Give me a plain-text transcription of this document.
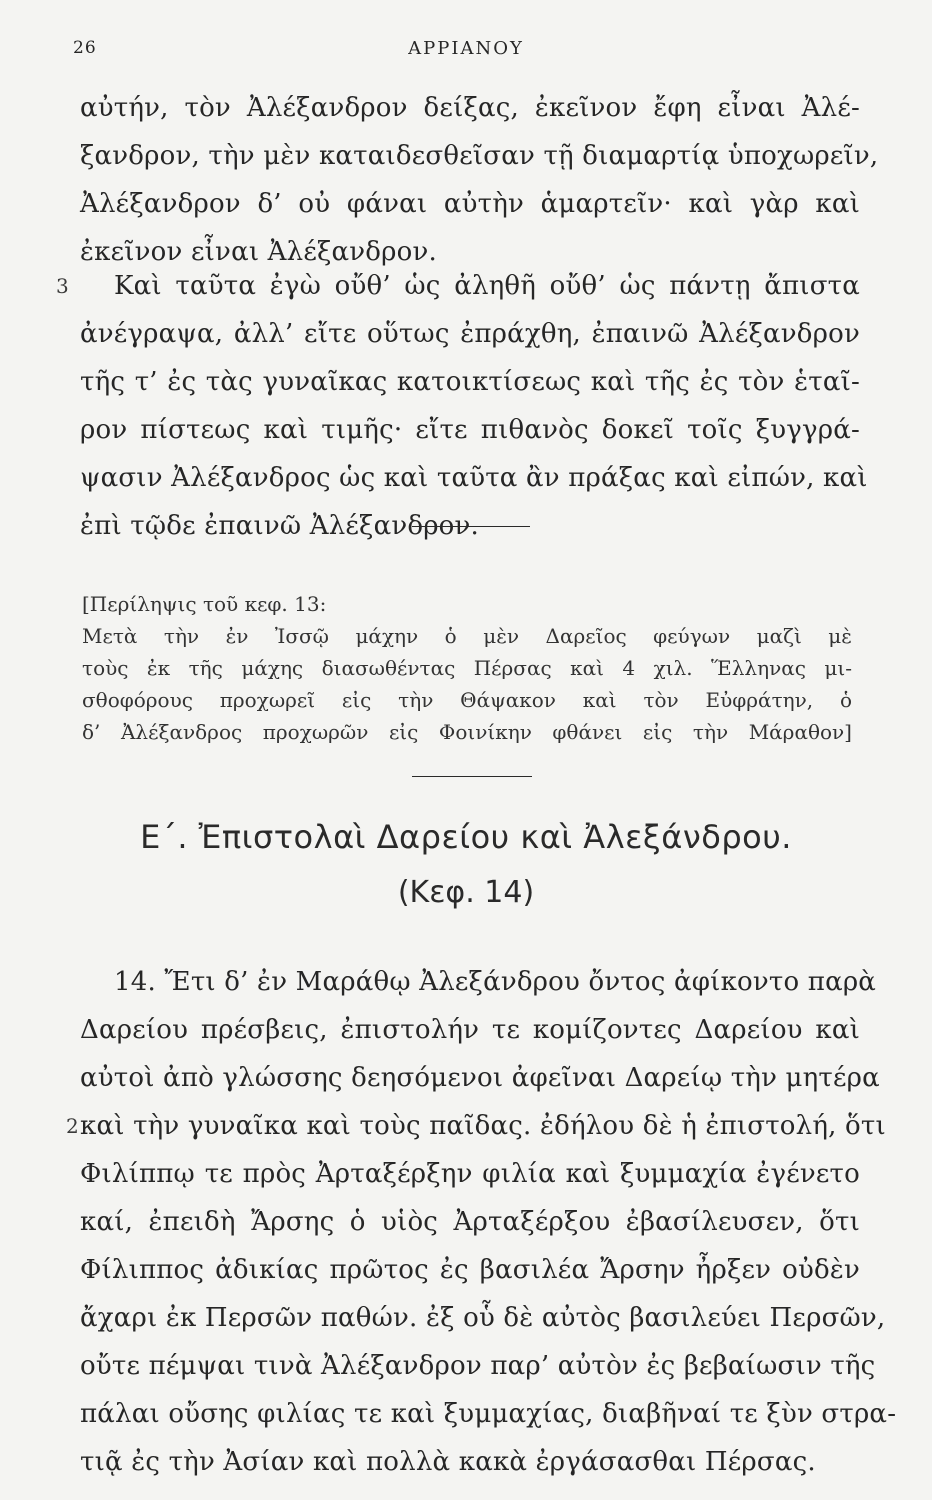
26	ΑΡΡΙΑΝΟΥ
αὐτήν, τὸν Ἀλέξανδρον δείξας, ἐκεῖνον ἔφη εἶναι Ἀλέ-
ξανδρον, τὴν μὲν καταιδεσθεῖσαν τῇ διαμαρτίᾳ ὑποχωρεῖν,
Ἀλέξανδρον δ’ οὐ φάναι αὐτὴν ἁμαρτεῖν· καὶ γὰρ καὶ
ἐκεῖνον εἶναι Ἀλέξανδρον.
3	Καὶ ταῦτα ἐγὼ οὔθ’ ὡς ἀληθῆ οὔθ’ ὡς πάντῃ ἄπιστα
ἀνέγραψα, ἀλλ’ εἴτε οὕτως ἐπράχθη, ἐπαινῶ Ἀλέξανδρον
τῆς τ’ ἐς τὰς γυναῖκας κατοικτίσεως καὶ τῆς ἐς τὸν ἑταῖ-
ρον πίστεως καὶ τιμῆς· εἴτε πιθανὸς δοκεῖ τοῖς ξυγγρά-
ψασιν Ἀλέξανδρος ὡς καὶ ταῦτα ἂν πράξας καὶ εἰπών, καὶ
ἐπὶ τῷδε ἐπαινῶ Ἀλέξανδρον.
[Περίληψις τοῦ κεφ. 13:
Μετὰ τὴν ἐν Ἰσσῷ μάχην ὁ μὲν Δαρεῖος φεύγων μαζὶ μὲ
τοὺς ἐκ τῆς μάχης διασωθέντας Πέρσας καὶ 4 χιλ. Ἕλληνας μι-
σθοφόρους προχωρεῖ εἰς τὴν Θάψακον καὶ τὸν Εὐφράτην, ὁ
δ’ Ἀλέξανδρος προχωρῶν εἰς Φοινίκην φθάνει εἰς τὴν Μάραθον]
Ε΄. Ἐπιστολαὶ Δαρείου καὶ Ἀλεξάνδρου.
(Κεφ. 14)
2
14. Ἔτι δ’ ἐν Μαράθῳ Ἀλεξάνδρου ὄντος ἀφίκοντο παρὰ
Δαρείου πρέσβεις, ἐπιστολήν τε κομίζοντες Δαρείου καὶ
αὐτοὶ ἀπὸ γλώσσης δεησόμενοι ἀφεῖναι Δαρείῳ τὴν μητέρα
καὶ τὴν γυναῖκα καὶ τοὺς παῖδας. ἐδήλου δὲ ἡ ἐπιστολή, ὅτι
Φιλίππῳ τε πρὸς Ἀρταξέρξην φιλία καὶ ξυμμαχία ἐγένετο
καί, ἐπειδὴ Ἄρσης ὁ υἱὸς Ἀρταξέρξου ἐβασίλευσεν, ὅτι
Φίλιππος ἀδικίας πρῶτος ἐς βασιλέα Ἄρσην ἦρξεν οὐδὲν
ἄχαρι ἐκ Περσῶν παθών. ἐξ οὗ δὲ αὐτὸς βασιλεύει Περσῶν,
οὔτε πέμψαι τινὰ Ἀλέξανδρον παρ’ αὐτὸν ἐς βεβαίωσιν τῆς
πάλαι οὔσης φιλίας τε καὶ ξυμμαχίας, διαβῆναί τε ξὺν στρα-
τιᾷ ἐς τὴν Ἀσίαν καὶ πολλὰ κακὰ ἐργάσασθαι Πέρσας.
